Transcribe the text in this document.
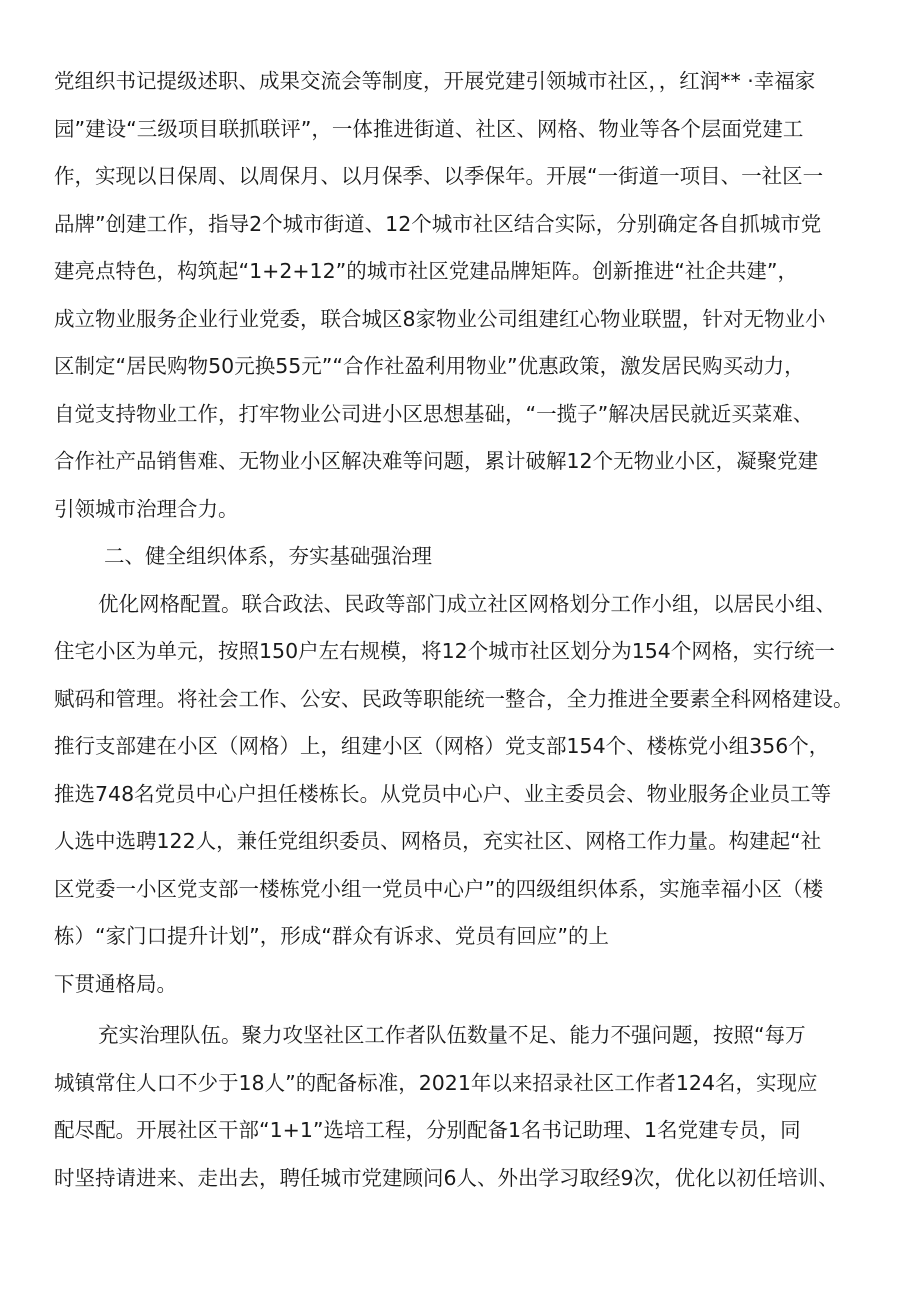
党组织书记提级述职、成果交流会等制度，开展党建引领城市社区，，红润** ·幸福家
园”建设“三级项目联抓联评”，一体推进街道、社区、网格、物业等各个层面党建工
作，实现以日保周、以周保月、以月保季、以季保年。开展“一街道一项目、一社区一
品牌”创建工作，指导2个城市街道、12个城市社区结合实际，分别确定各自抓城市党
建亮点特色，构筑起“1+2+12”的城市社区党建品牌矩阵。创新推进“社企共建”，
成立物业服务企业行业党委，联合城区8家物业公司组建红心物业联盟，针对无物业小
区制定“居民购物50元换55元”“合作社盈利用物业”优惠政策，激发居民购买动力，
自觉支持物业工作，打牢物业公司进小区思想基础，“一揽子”解决居民就近买菜难、
合作社产品销售难、无物业小区解决难等问题，累计破解12个无物业小区，凝聚党建
引领城市治理合力。
二、健全组织体系，夯实基础强治理
优化网格配置。联合政法、民政等部门成立社区网格划分工作小组，以居民小组、
住宅小区为单元，按照150户左右规模，将12个城市社区划分为154个网格，实行统一
赋码和管理。将社会工作、公安、民政等职能统一整合，全力推进全要素全科网格建设。
推行支部建在小区（网格）上，组建小区（网格）党支部154个、楼栋党小组356个，
推选748名党员中心户担任楼栋长。从党员中心户、业主委员会、物业服务企业员工等
人选中选聘122人，兼任党组织委员、网格员，充实社区、网格工作力量。构建起“社
区党委一小区党支部一楼栋党小组一党员中心户”的四级组织体系，实施幸福小区（楼
栋）“家门口提升计划”，形成“群众有诉求、党员有回应”的上
下贯通格局。
充实治理队伍。聚力攻坚社区工作者队伍数量不足、能力不强问题，按照“每万
城镇常住人口不少于18人”的配备标准，2021年以来招录社区工作者124名，实现应
配尽配。开展社区干部“1+1”选培工程，分别配备1名书记助理、1名党建专员，同
时坚持请进来、走出去，聘任城市党建顾问6人、外出学习取经9次，优化以初任培训、
